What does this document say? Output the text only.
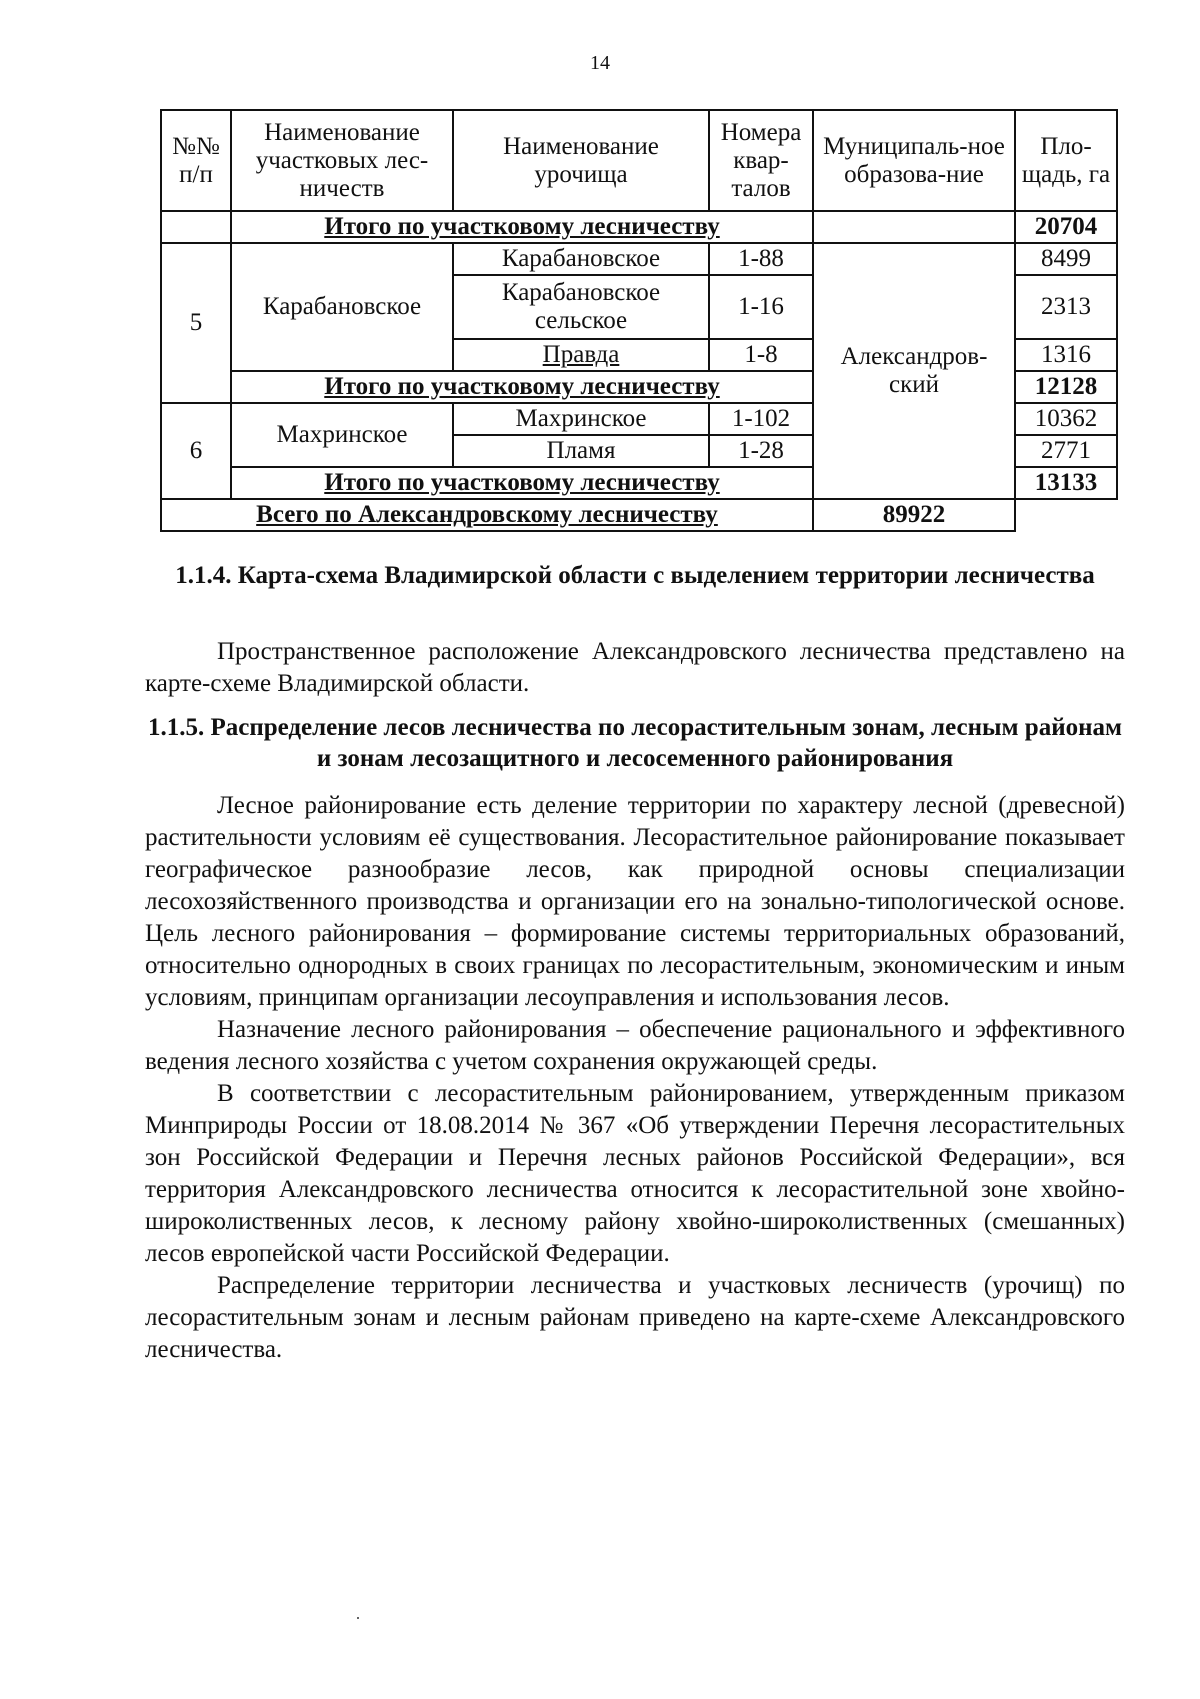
14
№№ п/п	Наименование участковых лес-ничеств	Наименование урочища	Номера квар-талов	Муниципаль-ное образова-ние	Пло-щадь, га
	Итого по участковому лесничеству				20704
5	Карабановское	Карабановское	1-88	Александров-ский	8499
		Карабановское сельское	1-16		2313
		Правда	1-8		1316
	Итого по участковому лесничеству				12128
6	Махринское	Махринское	1-102		10362
		Пламя	1-28		2771
	Итого по участковому лесничеству				13133
Всего по Александровскому лесничеству				89922	
1.1.4. Карта-схема Владимирской области с выделением территории лесничества

Пространственное расположение Александровского лесничества представлено на карте-схеме Владимирской области.

1.1.5. Распределение лесов лесничества по лесорастительным зонам, лесным районам и зонам лесозащитного и лесосеменного районирования

Лесное районирование есть деление территории по характеру лесной (древесной) растительности условиям её существования. Лесорастительное районирование показывает географическое разнообразие лесов, как природной основы специализации лесохозяйственного производства и организации его на зонально-типологической основе. Цель лесного районирования – формирование системы территориальных образований, относительно однородных в своих границах по лесорастительным, экономическим и иным условиям, принципам организации лесоуправления и использования лесов.

Назначение лесного районирования – обеспечение рационального и эффективного ведения лесного хозяйства с учетом сохранения окружающей среды.

В соответствии с лесорастительным районированием, утвержденным приказом Минприроды России от 18.08.2014 № 367 «Об утверждении Перечня лесорастительных зон Российской Федерации и Перечня лесных районов Российской Федерации», вся территория Александровского лесничества относится к лесорастительной зоне хвойно-широколиственных лесов, к лесному району хвойно-широколиственных (смешанных) лесов европейской части Российской Федерации.

Распределение территории лесничества и участковых лесничеств (урочищ) по лесорастительным зонам и лесным районам приведено на карте-схеме Александровского лесничества.
